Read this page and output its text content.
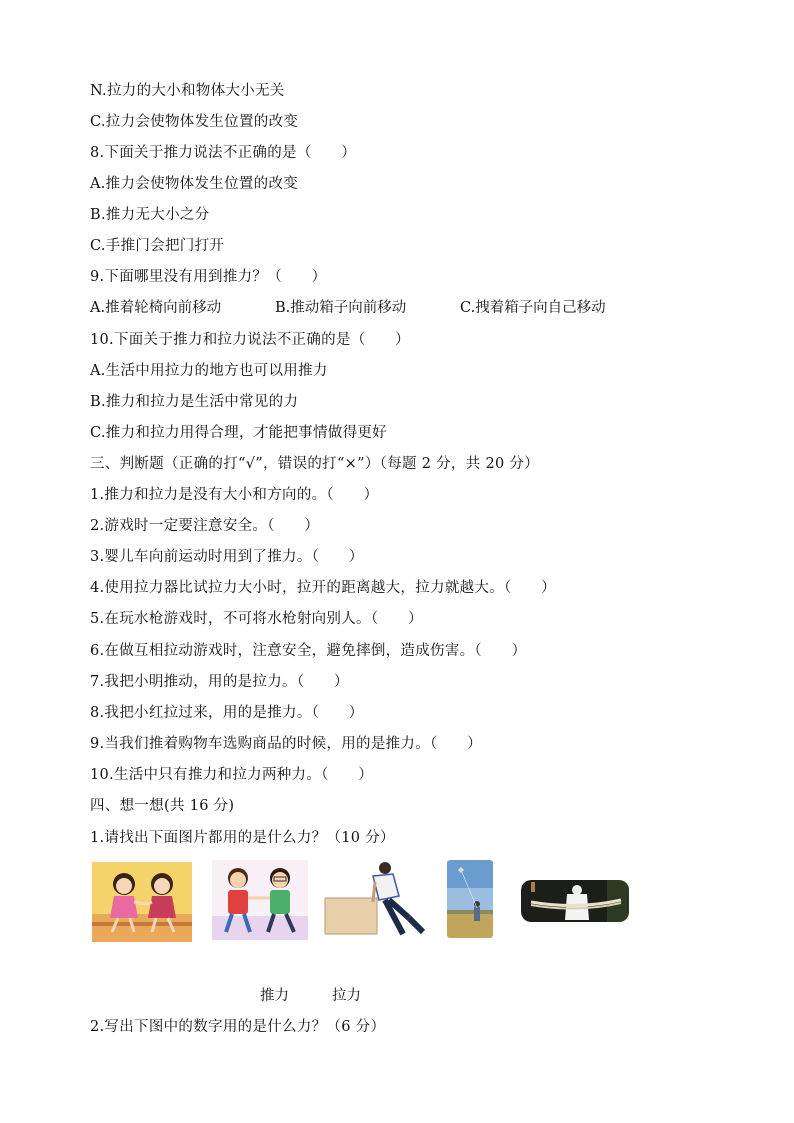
N.拉力的大小和物体大小无关
C.拉力会使物体发生位置的改变
8.下面关于推力说法不正确的是（　　）
A.推力会使物体发生位置的改变
B.推力无大小之分
C.手推门会把门打开
9.下面哪里没有用到推力？（　　）
A.推着轮椅向前移动	B.推动箱子向前移动	C.拽着箱子向自己移动
10.下面关于推力和拉力说法不正确的是（　　）
A.生活中用拉力的地方也可以用推力
B.推力和拉力是生活中常见的力
C.推力和拉力用得合理，才能把事情做得更好
三、判断题（正确的打“√”，错误的打“×”）（每题 2 分，共 20 分）
1.推力和拉力是没有大小和方向的。（　　）
2.游戏时一定要注意安全。（　　）
3.婴儿车向前运动时用到了推力。（　　）
4.使用拉力器比试拉力大小时，拉开的距离越大，拉力就越大。（　　）
5.在玩水枪游戏时，不可将水枪射向别人。（　　）
6.在做互相拉动游戏时，注意安全，避免摔倒，造成伤害。（　　）
7.我把小明推动，用的是拉力。（　　）
8.我把小红拉过来，用的是推力。（　　）
9.当我们推着购物车选购商品的时候，用的是推力。（　　）
10.生活中只有推力和拉力两种力。（　　）
四、想一想(共 16 分)
1.请找出下面图片都用的是什么力？（10 分）
推力	拉力
2.写出下图中的数字用的是什么力？（6 分）
